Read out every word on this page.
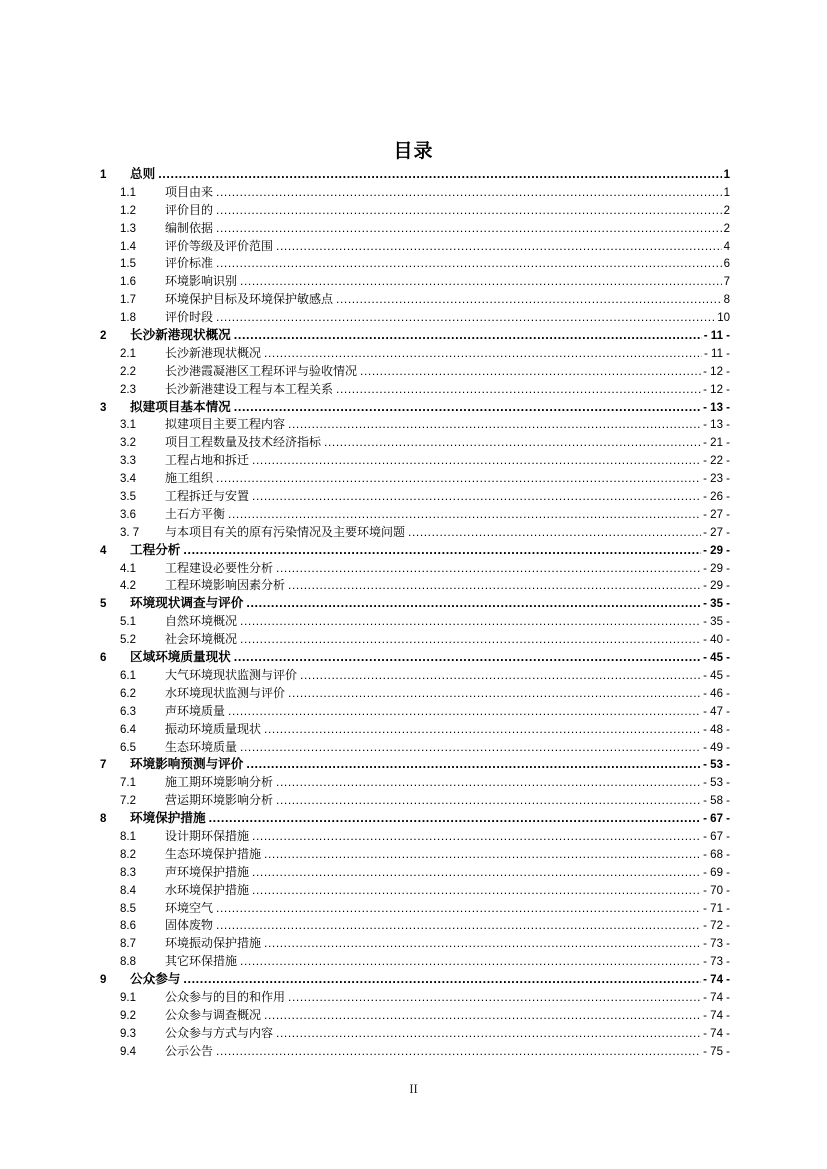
目录
1	总则 .....	1
1.1	项目由来 .....	1
1.2	评价目的 .....	2
1.3	编制依据 .....	2
1.4	评价等级及评价范围 .....	4
1.5	评价标准 .....	6
1.6	环境影响识别 .....	7
1.7	环境保护目标及环境保护敏感点 .....	8
1.8	评价时段 .....	10
2	长沙新港现状概况 .....	- 11 -
2.1	长沙新港现状概况 .....	- 11 -
2.2	长沙港霞凝港区工程环评与验收情况 .....	- 12 -
2.3	长沙新港建设工程与本工程关系 .....	- 12 -
3	拟建项目基本情况 .....	- 13 -
3.1	拟建项目主要工程内容 .....	- 13 -
3.2	项目工程数量及技术经济指标 .....	- 21 -
3.3	工程占地和拆迁 .....	- 22 -
3.4	施工组织 .....	- 23 -
3.5	工程拆迁与安置 .....	- 26 -
3.6	土石方平衡 .....	- 27 -
3. 7	与本项目有关的原有污染情况及主要环境问题 .....	- 27 -
4	工程分析 .....	- 29 -
4.1	工程建设必要性分析 .....	- 29 -
4.2	工程环境影响因素分析 .....	- 29 -
5	环境现状调查与评价 .....	- 35 -
5.1	自然环境概况 .....	- 35 -
5.2	社会环境概况 .....	- 40 -
6	区域环境质量现状 .....	- 45 -
6.1	大气环境现状监测与评价 .....	- 45 -
6.2	水环境现状监测与评价 .....	- 46 -
6.3	声环境质量 .....	- 47 -
6.4	振动环境质量现状 .....	- 48 -
6.5	生态环境质量 .....	- 49 -
7	环境影响预测与评价 .....	- 53 -
7.1	施工期环境影响分析 .....	- 53 -
7.2	营运期环境影响分析 .....	- 58 -
8	环境保护措施 .....	- 67 -
8.1	设计期环保措施 .....	- 67 -
8.2	生态环境保护措施 .....	- 68 -
8.3	声环境保护措施 .....	- 69 -
8.4	水环境保护措施 .....	- 70 -
8.5	环境空气 .....	- 71 -
8.6	固体废物 .....	- 72 -
8.7	环境振动保护措施 .....	- 73 -
8.8	其它环保措施 .....	- 73 -
9	公众参与 .....	- 74 -
9.1	公众参与的目的和作用 .....	- 74 -
9.2	公众参与调查概况 .....	- 74 -
9.3	公众参与方式与内容 .....	- 74 -
9.4	公示公告 .....	- 75 -
II
